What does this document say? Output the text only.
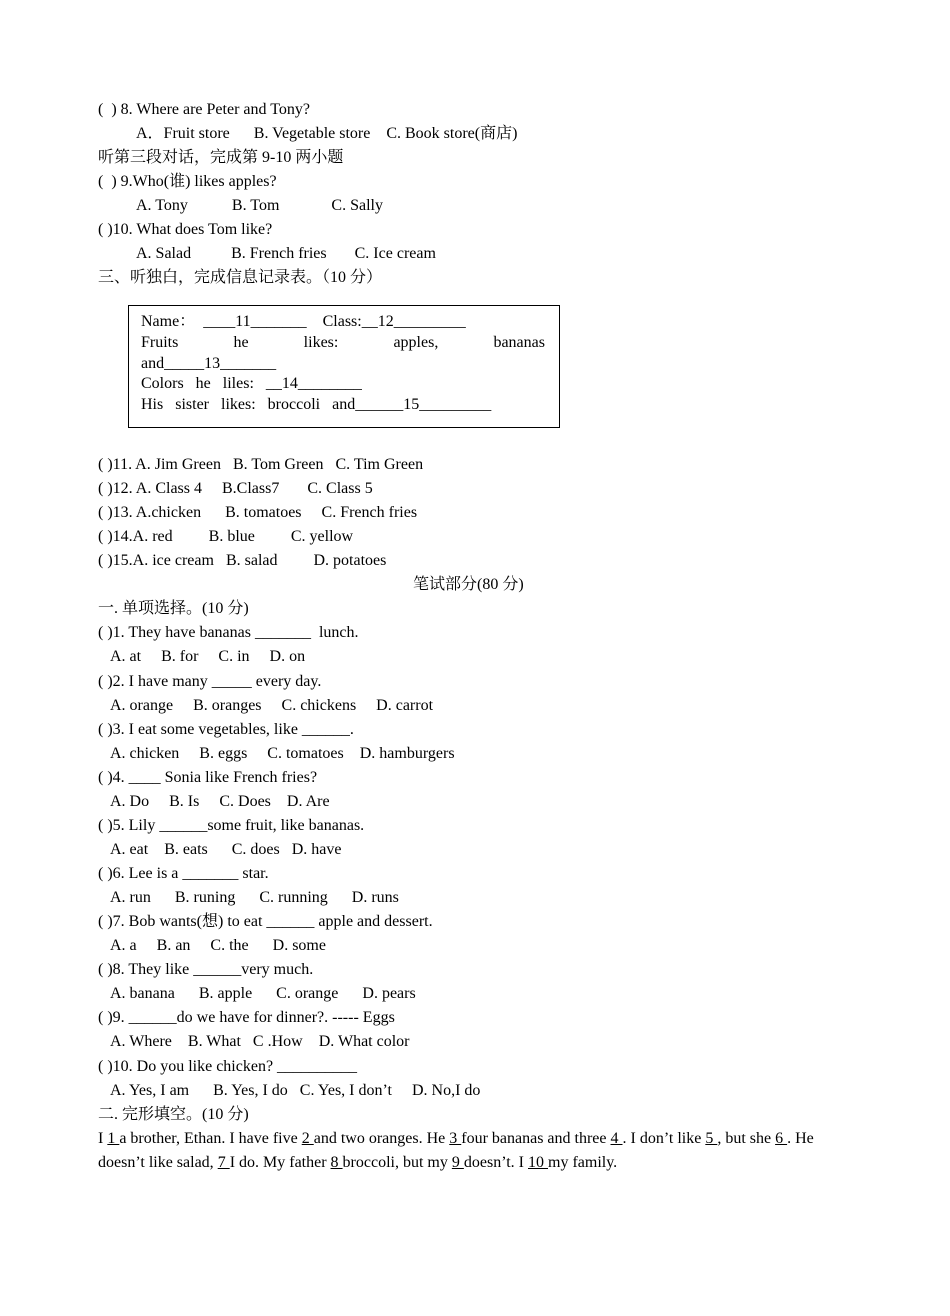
(  ) 8. Where are Peter and Tony?
A．Fruit store      B. Vegetable store    C. Book store(商店)
听第三段对话，完成第 9-10 两小题
(  ) 9.Who(谁) likes apples?
A. Tony           B. Tom             C. Sally
( )10. What does Tom like?
A. Salad          B. French fries       C. Ice cream
三、听独白，完成信息记录表。（10 分）
Name：  ____11_______    Class:__12_________
Fruits	he	likes:	apples,	bananas
and_____13_______
Colors   he   liles:   __14________
His   sister   likes:   broccoli   and______15_________
( )11. A. Jim Green   B. Tom Green   C. Tim Green
( )12. A. Class 4     B.Class7       C. Class 5
( )13. A.chicken      B. tomatoes     C. French fries
( )14.A. red         B. blue         C. yellow
( )15.A. ice cream   B. salad         D. potatoes
笔试部分(80 分)
一. 单项选择。(10 分)
( )1. They have bananas _______  lunch.
A. at     B. for     C. in     D. on
( )2. I have many _____ every day.
A. orange     B. oranges     C. chickens     D. carrot
( )3. I eat some vegetables, like ______.
A. chicken     B. eggs     C. tomatoes    D. hamburgers
( )4. ____ Sonia like French fries?
A. Do     B. Is     C. Does    D. Are
( )5. Lily ______some fruit, like bananas.
A. eat    B. eats      C. does   D. have
( )6. Lee is a _______ star.
A. run      B. runing      C. running      D. runs
( )7. Bob wants(想) to eat ______ apple and dessert.
A. a     B. an     C. the      D. some
( )8. They like ______very much.
A. banana      B. apple      C. orange      D. pears
( )9. ______do we have for dinner?. ----- Eggs
A. Where    B. What   C .How    D. What color
( )10. Do you like chicken? __________
A. Yes, I am      B. Yes, I do   C. Yes, I don’t     D. No,I do
二. 完形填空。(10 分)
I 1 a brother, Ethan. I have five 2 and two oranges. He 3 four bananas and three 4 . I don’t like 5 , but she 6 . He doesn’t like salad, 7 I do. My father 8 broccoli, but my 9 doesn’t. I 10 my family.
